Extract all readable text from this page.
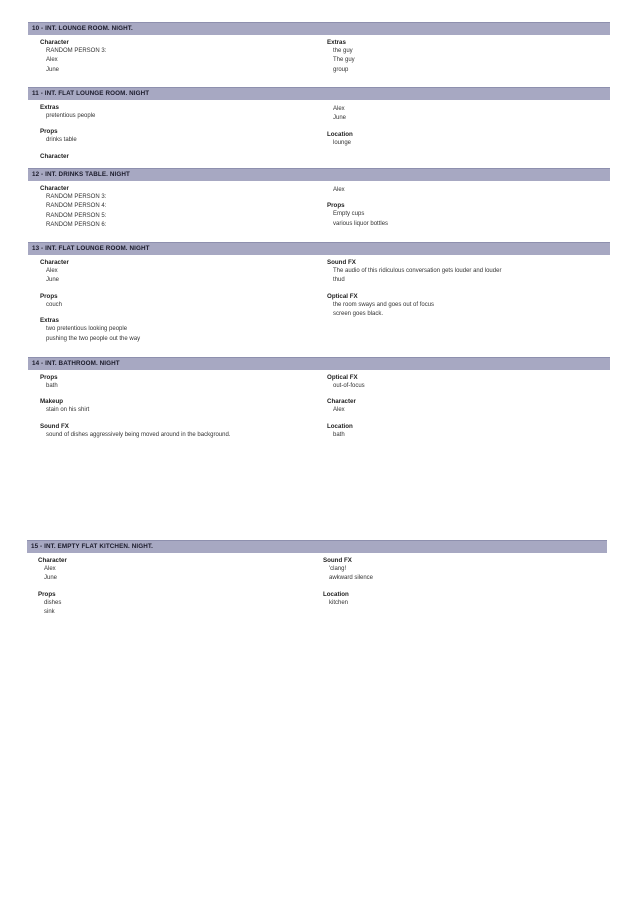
10 - INT. LOUNGE ROOM. NIGHT.
Character
RANDOM PERSON 3:
Alex
June
Extras
the guy
The guy
group
11 - INT. FLAT LOUNGE ROOM. NIGHT
Extras
pretentious people
Props
drinks table
Character
Alex
June
Location
lounge
12 - INT. DRINKS TABLE. NIGHT
Character
RANDOM PERSON 3:
RANDOM PERSON 4:
RANDOM PERSON 5:
RANDOM PERSON 6:
Alex
Props
Empty cups
various liquor bottles
13 - INT. FLAT LOUNGE ROOM. NIGHT
Character
Alex
June
Props
couch
Extras
two pretentious looking people
pushing the two people out the way
Sound FX
The audio of this ridiculous conversation gets louder and louder
thud
Optical FX
the room sways and goes out of focus
screen goes black.
14 - INT. BATHROOM. NIGHT
Props
bath
Makeup
stain on his shirt
Sound FX
sound of dishes aggressively being moved around in the background.
Optical FX
out-of-focus
Character
Alex
Location
bath
15 - INT. EMPTY FLAT KITCHEN. NIGHT.
Character
Alex
June
Props
dishes
sink
Sound FX
'clang!
awkward silence
Location
kitchen
